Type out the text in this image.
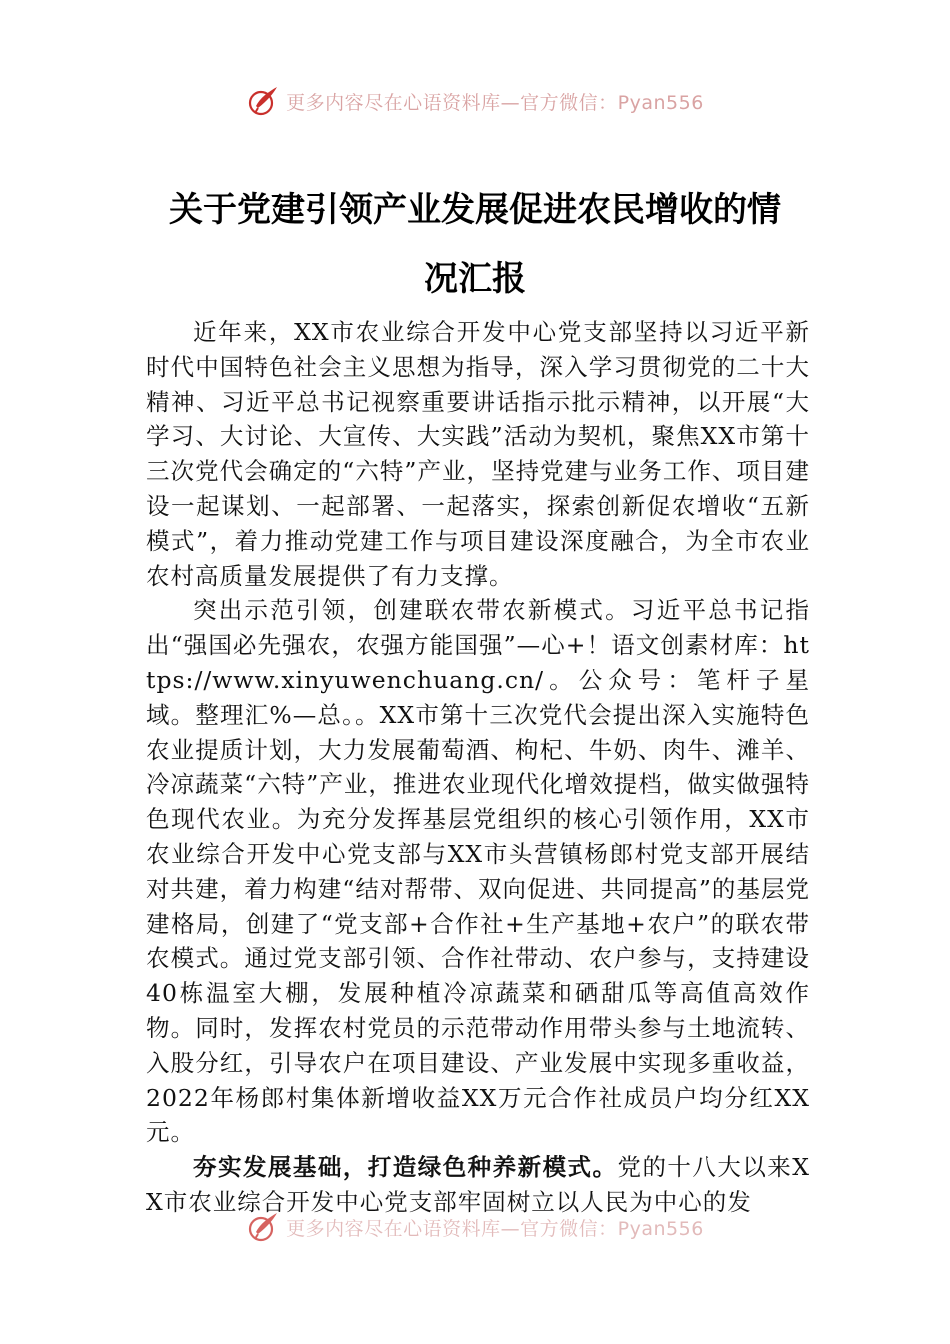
更多内容尽在心语资料库—官方微信：Pyan556
关于党建引领产业发展促进农民增收的情
况汇报

近年来，XX市农业综合开发中心党支部坚持以习近平新时代中国特色社会主义思想为指导，深入学习贯彻党的二十大精神、习近平总书记视察重要讲话指示批示精神，以开展“大学习、大讨论、大宣传、大实践”活动为契机，聚焦XX市第十三次党代会确定的“六特”产业，坚持党建与业务工作、项目建设一起谋划、一起部署、一起落实，探索创新促农增收“五新模式”，着力推动党建工作与项目建设深度融合，为全市农业农村高质量发展提供了有力支撑。

突出示范引领，创建联农带农新模式。习近平总书记指出“强国必先强农，农强方能国强”—心+！语文创素材库：https://www.xinyuwenchuang.cn/。公众号：笔杆子星域。整理汇%—总。。XX市第十三次党代会提出深入实施特色农业提质计划，大力发展葡萄酒、枸杞、牛奶、肉牛、滩羊、冷凉蔬菜“六特”产业，推进农业现代化增效提档，做实做强特色现代农业。为充分发挥基层党组织的核心引领作用，XX市农业综合开发中心党支部与XX市头营镇杨郎村党支部开展结对共建，着力构建“结对帮带、双向促进、共同提高”的基层党建格局，创建了“党支部+合作社+生产基地+农户”的联农带农模式。通过党支部引领、合作社带动、农户参与，支持建设40栋温室大棚，发展种植冷凉蔬菜和硒甜瓜等高值高效作物。同时，发挥农村党员的示范带动作用带头参与土地流转、入股分红，引导农户在项目建设、产业发展中实现多重收益，2022年杨郎村集体新增收益XX万元合作社成员户均分红XX元。

夯实发展基础，打造绿色种养新模式。党的十八大以来XX市农业综合开发中心党支部牢固树立以人民为中心的发

更多内容尽在心语资料库—官方微信：Pyan556
